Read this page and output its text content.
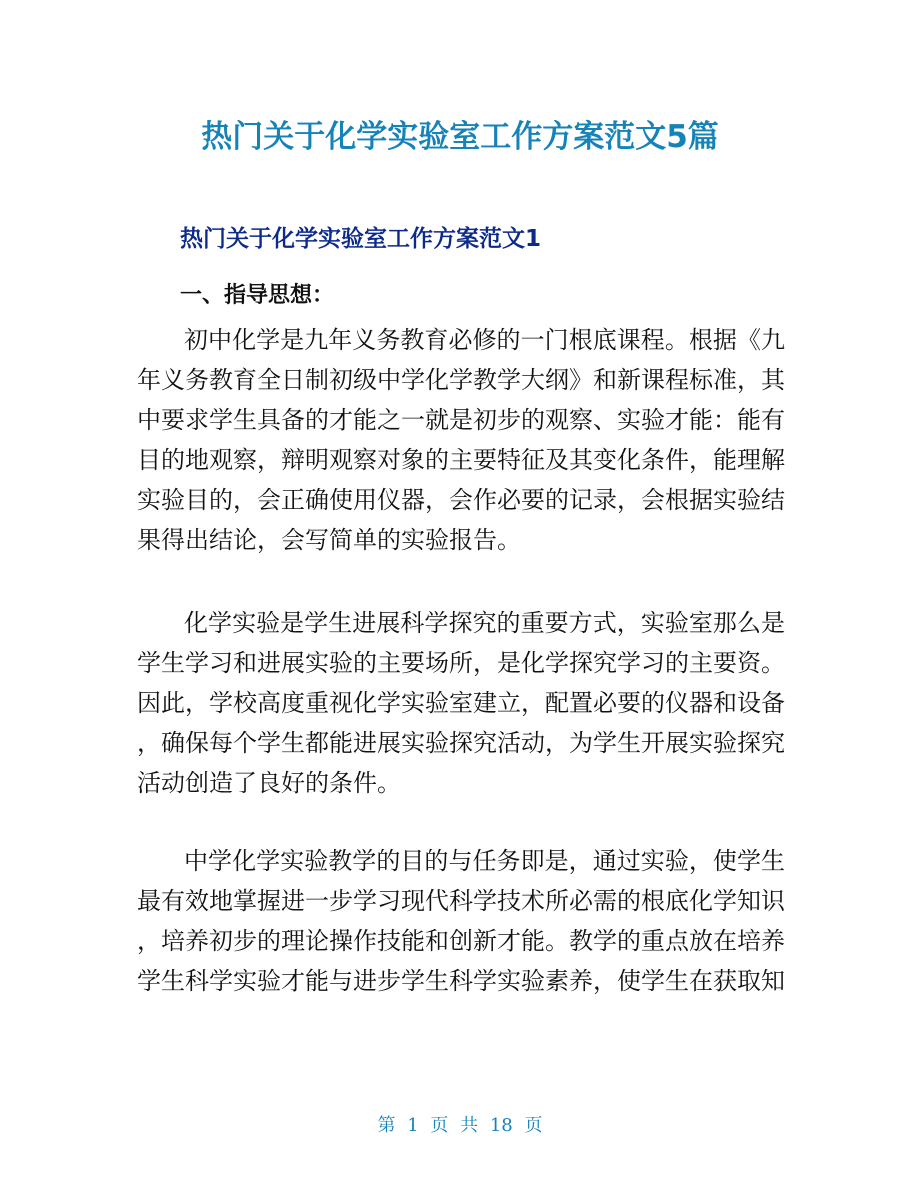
热门关于化学实验室工作方案范文5篇
热门关于化学实验室工作方案范文1
一、指导思想：
初中化学是九年义务教育必修的一门根底课程。根据《九
年义务教育全日制初级中学化学教学大纲》和新课程标准，其
中要求学生具备的才能之一就是初步的观察、实验才能：能有
目的地观察，辩明观察对象的主要特征及其变化条件，能理解
实验目的，会正确使用仪器，会作必要的记录，会根据实验结
果得出结论，会写简单的实验报告。
化学实验是学生进展科学探究的重要方式，实验室那么是
学生学习和进展实验的主要场所，是化学探究学习的主要资。
因此，学校高度重视化学实验室建立，配置必要的仪器和设备
，确保每个学生都能进展实验探究活动，为学生开展实验探究
活动创造了良好的条件。
中学化学实验教学的目的与任务即是，通过实验，使学生
最有效地掌握进一步学习现代科学技术所必需的根底化学知识
，培养初步的理论操作技能和创新才能。教学的重点放在培养
学生科学实验才能与进步学生科学实验素养，使学生在获取知
第 1 页 共 18 页
